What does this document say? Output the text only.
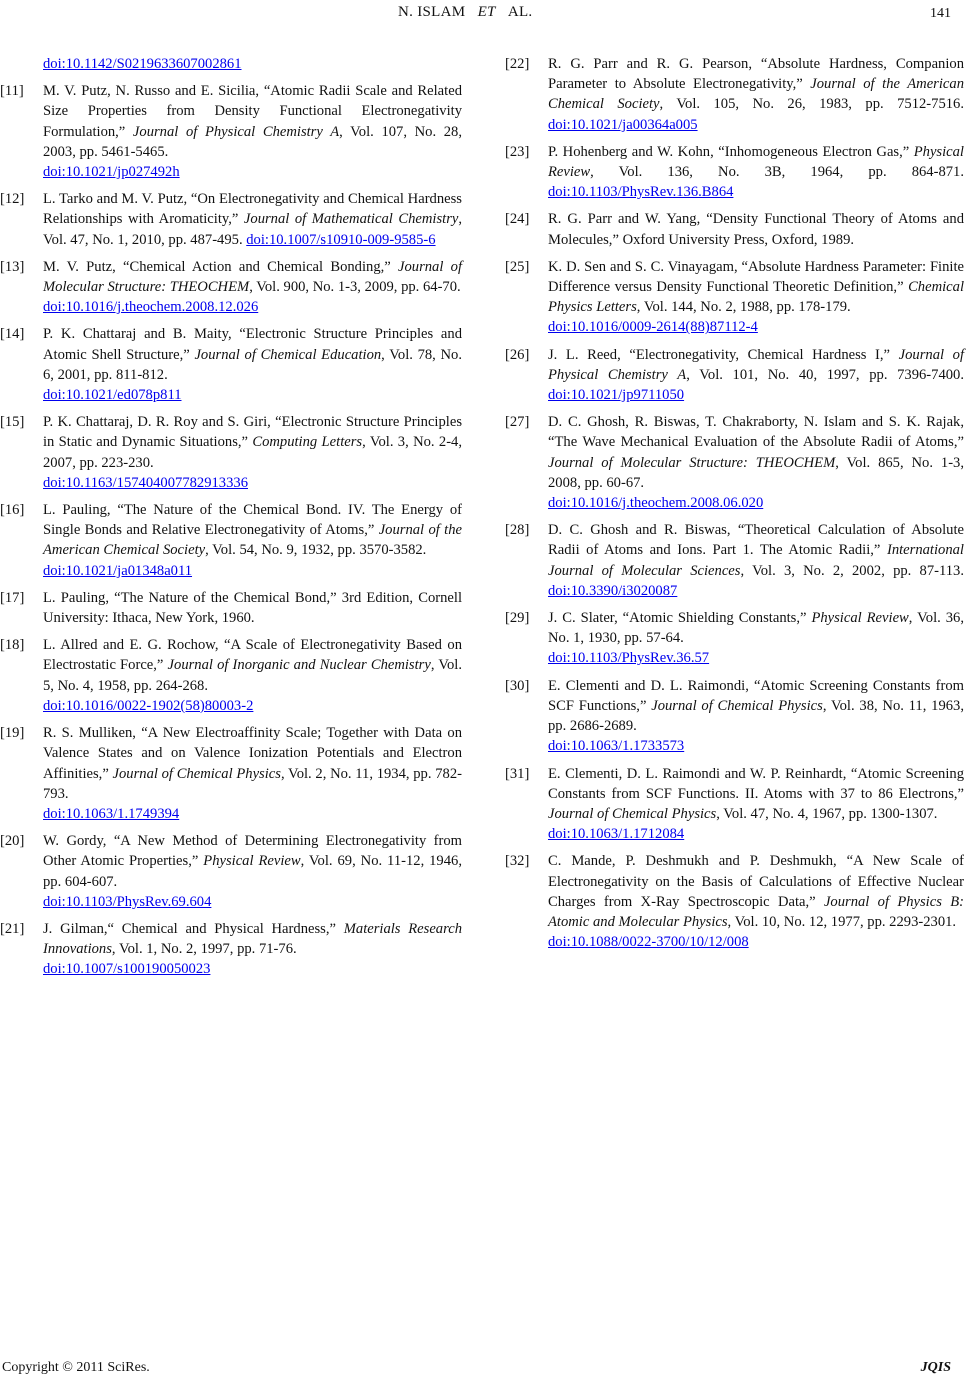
N. ISLAM ET AL.	141
doi:10.1142/S0219633607002861
[11] M. V. Putz, N. Russo and E. Sicilia, “Atomic Radii Scale and Related Size Properties from Density Functional Electronegativity Formulation,” Journal of Physical Chemistry A, Vol. 107, No. 28, 2003, pp. 5461-5465.
doi:10.1021/jp027492h
[12] L. Tarko and M. V. Putz, “On Electronegativity and Chemical Hardness Relationships with Aromaticity,” Journal of Mathematical Chemistry, Vol. 47, No. 1, 2010, pp. 487-495. doi:10.1007/s10910-009-9585-6
[13] M. V. Putz, “Chemical Action and Chemical Bonding,” Journal of Molecular Structure: THEOCHEM, Vol. 900, No. 1-3, 2009, pp. 64-70.
doi:10.1016/j.theochem.2008.12.026
[14] P. K. Chattaraj and B. Maity, “Electronic Structure Principles and Atomic Shell Structure,” Journal of Chemical Education, Vol. 78, No. 6, 2001, pp. 811-812.
doi:10.1021/ed078p811
[15] P. K. Chattaraj, D. R. Roy and S. Giri, “Electronic Structure Principles in Static and Dynamic Situations,” Computing Letters, Vol. 3, No. 2-4, 2007, pp. 223-230.
doi:10.1163/157404007782913336
[16] L. Pauling, “The Nature of the Chemical Bond. IV. The Energy of Single Bonds and Relative Electronegativity of Atoms,” Journal of the American Chemical Society, Vol. 54, No. 9, 1932, pp. 3570-3582.
doi:10.1021/ja01348a011
[17] L. Pauling, “The Nature of the Chemical Bond,” 3rd Edition, Cornell University: Ithaca, New York, 1960.
[18] L. Allred and E. G. Rochow, “A Scale of Electronegativity Based on Electrostatic Force,” Journal of Inorganic and Nuclear Chemistry, Vol. 5, No. 4, 1958, pp. 264-268.
doi:10.1016/0022-1902(58)80003-2
[19] R. S. Mulliken, “A New Electroaffinity Scale; Together with Data on Valence States and on Valence Ionization Potentials and Electron Affinities,” Journal of Chemical Physics, Vol. 2, No. 11, 1934, pp. 782-793.
doi:10.1063/1.1749394
[20] W. Gordy, “A New Method of Determining Electronegativity from Other Atomic Properties,” Physical Review, Vol. 69, No. 11-12, 1946, pp. 604-607.
doi:10.1103/PhysRev.69.604
[21] J. Gilman,“ Chemical and Physical Hardness,” Materials Research Innovations, Vol. 1, No. 2, 1997, pp. 71-76.
doi:10.1007/s100190050023
[22] R. G. Parr and R. G. Pearson, “Absolute Hardness, Companion Parameter to Absolute Electronegativity,” Journal of the American Chemical Society, Vol. 105, No. 26, 1983, pp. 7512-7516. doi:10.1021/ja00364a005
[23] P. Hohenberg and W. Kohn, “Inhomogeneous Electron Gas,” Physical Review, Vol. 136, No. 3B, 1964, pp. 864-871. doi:10.1103/PhysRev.136.B864
[24] R. G. Parr and W. Yang, “Density Functional Theory of Atoms and Molecules,” Oxford University Press, Oxford, 1989.
[25] K. D. Sen and S. C. Vinayagam, “Absolute Hardness Parameter: Finite Difference versus Density Functional Theoretic Definition,” Chemical Physics Letters, Vol. 144, No. 2, 1988, pp. 178-179.
doi:10.1016/0009-2614(88)87112-4
[26] J. L. Reed, “Electronegativity, Chemical Hardness I,” Journal of Physical Chemistry A, Vol. 101, No. 40, 1997, pp. 7396-7400. doi:10.1021/jp9711050
[27] D. C. Ghosh, R. Biswas, T. Chakraborty, N. Islam and S. K. Rajak, “The Wave Mechanical Evaluation of the Absolute Radii of Atoms,” Journal of Molecular Structure: THEOCHEM, Vol. 865, No. 1-3, 2008, pp. 60-67.
doi:10.1016/j.theochem.2008.06.020
[28] D. C. Ghosh and R. Biswas, “Theoretical Calculation of Absolute Radii of Atoms and Ions. Part 1. The Atomic Radii,” International Journal of Molecular Sciences, Vol. 3, No. 2, 2002, pp. 87-113. doi:10.3390/i3020087
[29] J. C. Slater, “Atomic Shielding Constants,” Physical Review, Vol. 36, No. 1, 1930, pp. 57-64.
doi:10.1103/PhysRev.36.57
[30] E. Clementi and D. L. Raimondi, “Atomic Screening Constants from SCF Functions,” Journal of Chemical Physics, Vol. 38, No. 11, 1963, pp. 2686-2689.
doi:10.1063/1.1733573
[31] E. Clementi, D. L. Raimondi and W. P. Reinhardt, “Atomic Screening Constants from SCF Functions. II. Atoms with 37 to 86 Electrons,” Journal of Chemical Physics, Vol. 47, No. 4, 1967, pp. 1300-1307.
doi:10.1063/1.1712084
[32] C. Mande, P. Deshmukh and P. Deshmukh, “A New Scale of Electronegativity on the Basis of Calculations of Effective Nuclear Charges from X-Ray Spectroscopic Data,” Journal of Physics B: Atomic and Molecular Physics, Vol. 10, No. 12, 1977, pp. 2293-2301.
doi:10.1088/0022-3700/10/12/008
Copyright © 2011 SciRes.	JQIS
